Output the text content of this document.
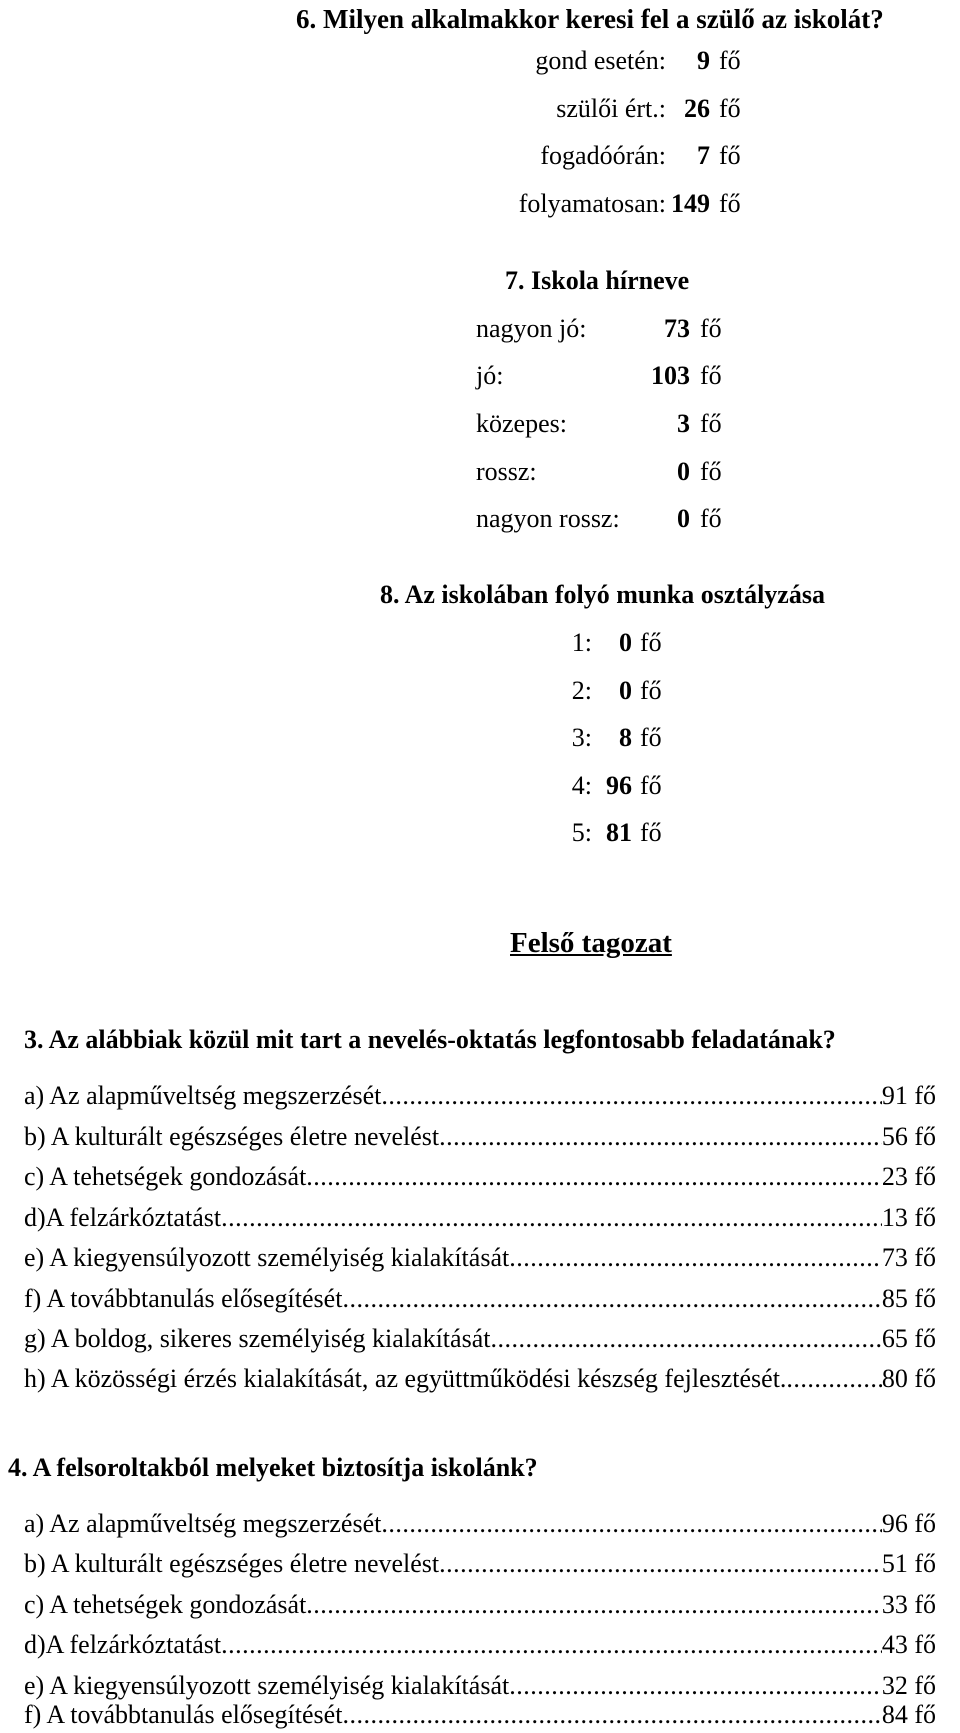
6. Milyen alkalmakkor keresi fel a szülő az iskolát?
gond esetén:	9 fő
szülői ért.: 26 fő
fogadóórán:	7 fő
folyamatosan: 149 fő
7. Iskola hírneve
nagyon jó:	73 fő
jó:	103 fő
közepes:	3 fő
rossz:	0 fő
nagyon rossz:	0 fő
8. Az iskolában folyó munka osztályzása
1:	0 fő
2:	0 fő
3:	8 fő
4: 96 fő
5: 81 fő
Felső tagozat
3. Az alábbiak közül mit tart a nevelés-oktatás legfontosabb feladatának?
a) Az alapműveltség megszerzését .....	91 fő
b) A kulturált egészséges életre nevelést .....	56 fő
c) A tehetségek gondozását .....	23 fő
d)A felzárkóztatást .....	13 fő
e) A kiegyensúlyozott személyiség kialakítását .....	73 fő
f) A továbbtanulás elősegítését .....	85 fő
g) A boldog, sikeres személyiség kialakítását .....	65 fő
h) A közösségi érzés kialakítását, az együttműködési készség fejlesztését. .....	80 fő
4. A felsoroltakból melyeket biztosítja iskolánk?
a) Az alapműveltség megszerzését .....	96 fő
b) A kulturált egészséges életre nevelést .....	51 fő
c) A tehetségek gondozását .....	33 fő
d)A felzárkóztatást .....	43 fő
e) A kiegyensúlyozott személyiség kialakítását .....	32 fő
f) A továbbtanulás elősegítését .....	84 fő
